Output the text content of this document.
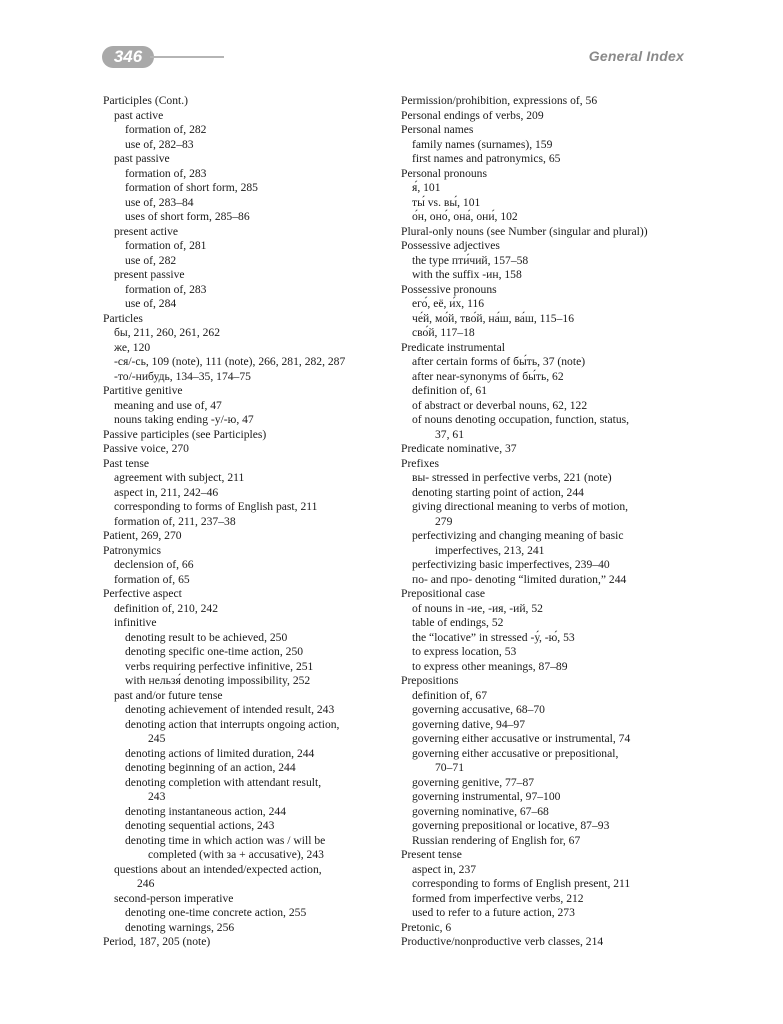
346	General Index
Participles (Cont.)
past active
formation of, 282
use of, 282–83
past passive
formation of, 283
formation of short form, 285
use of, 283–84
uses of short form, 285–86
present active
formation of, 281
use of, 282
present passive
formation of, 283
use of, 284
Particles
бы, 211, 260, 261, 262
же, 120
-ся/-сь, 109 (note), 111 (note), 266, 281, 282, 287
-то/-нибудь, 134–35, 174–75
Partitive genitive
meaning and use of, 47
nouns taking ending -у/-ю, 47
Passive participles (see Participles)
Passive voice, 270
Past tense
agreement with subject, 211
aspect in, 211, 242–46
corresponding to forms of English past, 211
formation of, 211, 237–38
Patient, 269, 270
Patronymics
declension of, 66
formation of, 65
Perfective aspect
definition of, 210, 242
infinitive
denoting result to be achieved, 250
denoting specific one-time action, 250
verbs requiring perfective infinitive, 251
with нельзя́ denoting impossibility, 252
past and/or future tense
denoting achievement of intended result, 243
denoting action that interrupts ongoing action,
245
denoting actions of limited duration, 244
denoting beginning of an action, 244
denoting completion with attendant result,
243
denoting instantaneous action, 244
denoting sequential actions, 243
denoting time in which action was / will be
completed (with за + accusative), 243
questions about an intended/expected action,
246
second-person imperative
denoting one-time concrete action, 255
denoting warnings, 256
Period, 187, 205 (note)
Permission/prohibition, expressions of, 56
Personal endings of verbs, 209
Personal names
family names (surnames), 159
first names and patronymics, 65
Personal pronouns
я́, 101
ты́ vs. вы́, 101
о́н, оно́, она́, они́, 102
Plural-only nouns (see Number (singular and plural))
Possessive adjectives
the type пти́чий, 157–58
with the suffix -ин, 158
Possessive pronouns
его́, её, и́х, 116
че́й, мо́й, тво́й, на́ш, ва́ш, 115–16
сво́й, 117–18
Predicate instrumental
after certain forms of бы́ть, 37 (note)
after near-synonyms of бы́ть, 62
definition of, 61
of abstract or deverbal nouns, 62, 122
of nouns denoting occupation, function, status,
37, 61
Predicate nominative, 37
Prefixes
вы- stressed in perfective verbs, 221 (note)
denoting starting point of action, 244
giving directional meaning to verbs of motion,
279
perfectivizing and changing meaning of basic
imperfectives, 213, 241
perfectivizing basic imperfectives, 239–40
по- and про- denoting “limited duration,” 244
Prepositional case
of nouns in -ие, -ия, -ий, 52
table of endings, 52
the “locative” in stressed -у́, -ю́, 53
to express location, 53
to express other meanings, 87–89
Prepositions
definition of, 67
governing accusative, 68–70
governing dative, 94–97
governing either accusative or instrumental, 74
governing either accusative or prepositional,
70–71
governing genitive, 77–87
governing instrumental, 97–100
governing nominative, 67–68
governing prepositional or locative, 87–93
Russian rendering of English for, 67
Present tense
aspect in, 237
corresponding to forms of English present, 211
formed from imperfective verbs, 212
used to refer to a future action, 273
Pretonic, 6
Productive/nonproductive verb classes, 214
